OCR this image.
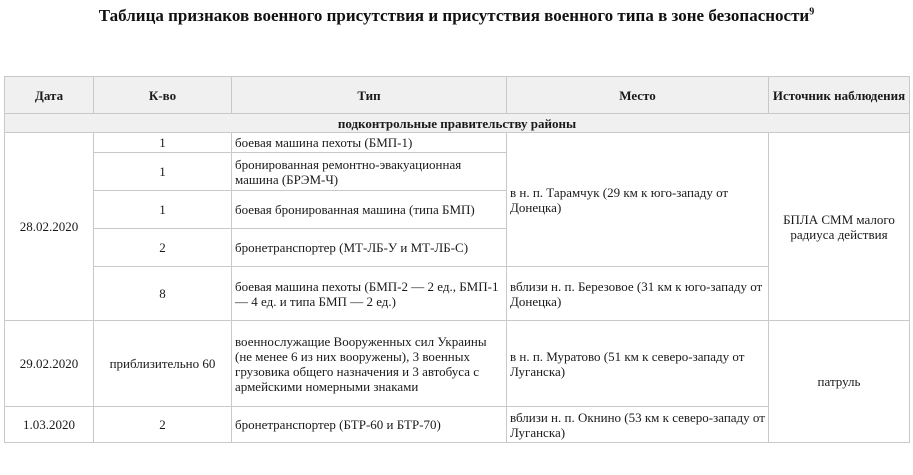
Таблица признаков военного присутствия и присутствия военного типа в зоне безопасности$^9$
Дата	К-во	Тип	Место	Источник наблюдения
подконтрольные правительству районы				
28.02.2020	1	боевая машина пехоты (БМП-1)	в н. п. Тарамчук (29 км к юго-западу от Донецка)	БПЛА СММ малого радиуса действия
	1	бронированная ремонтно-эвакуационная машина (БРЭМ-Ч)		
	1	боевая бронированная машина (типа БМП)		
	2	бронетранспортер (МТ-ЛБ-У и МТ-ЛБ-С)		
	8	боевая машина пехоты (БМП-2 — 2 ед., БМП-1 — 4 ед. и типа БМП — 2 ед.)	вблизи н. п. Березовое (31 км к юго-западу от Донецка)	
29.02.2020	приблизительно 60	военнослужащие Вооруженных сил Украины (не менее 6 из них вооружены), 3 военных грузовика общего назначения и 3 автобуса с армейскими номерными знаками	в н. п. Муратово (51 км к северо-западу от Луганска)	патруль
1.03.2020	2	бронетранспортер (БТР-60 и БТР-70)	вблизи н. п. Окнино (53 км к северо-западу от Луганска)	
